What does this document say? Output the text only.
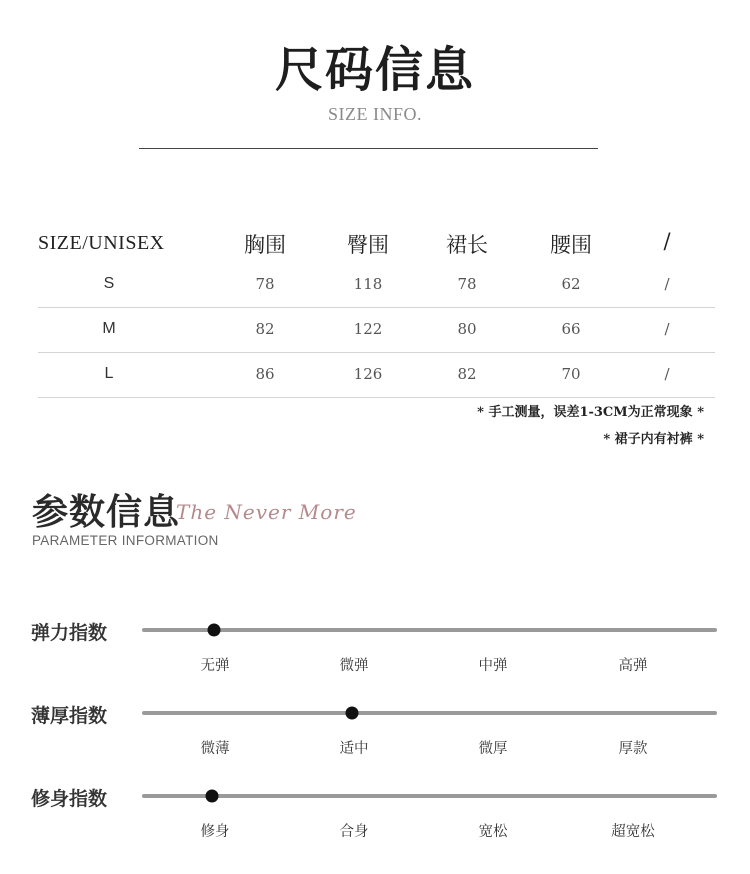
尺码信息
SIZE INFO.
SIZE/UNISEX	胸围	臀围	裙长	腰围	/
S	78	118	78	62	/
M	82	122	80	66	/
L	86	126	82	70	/
* 手工测量，误差1-3CM为正常现象 *
* 裙子内有衬裤 *
参数信息
The Never More
PARAMETER INFORMATION
弹力指数
无弹	微弹	中弹	高弹
薄厚指数
微薄	适中	微厚	厚款
修身指数
修身	合身	宽松	超宽松
